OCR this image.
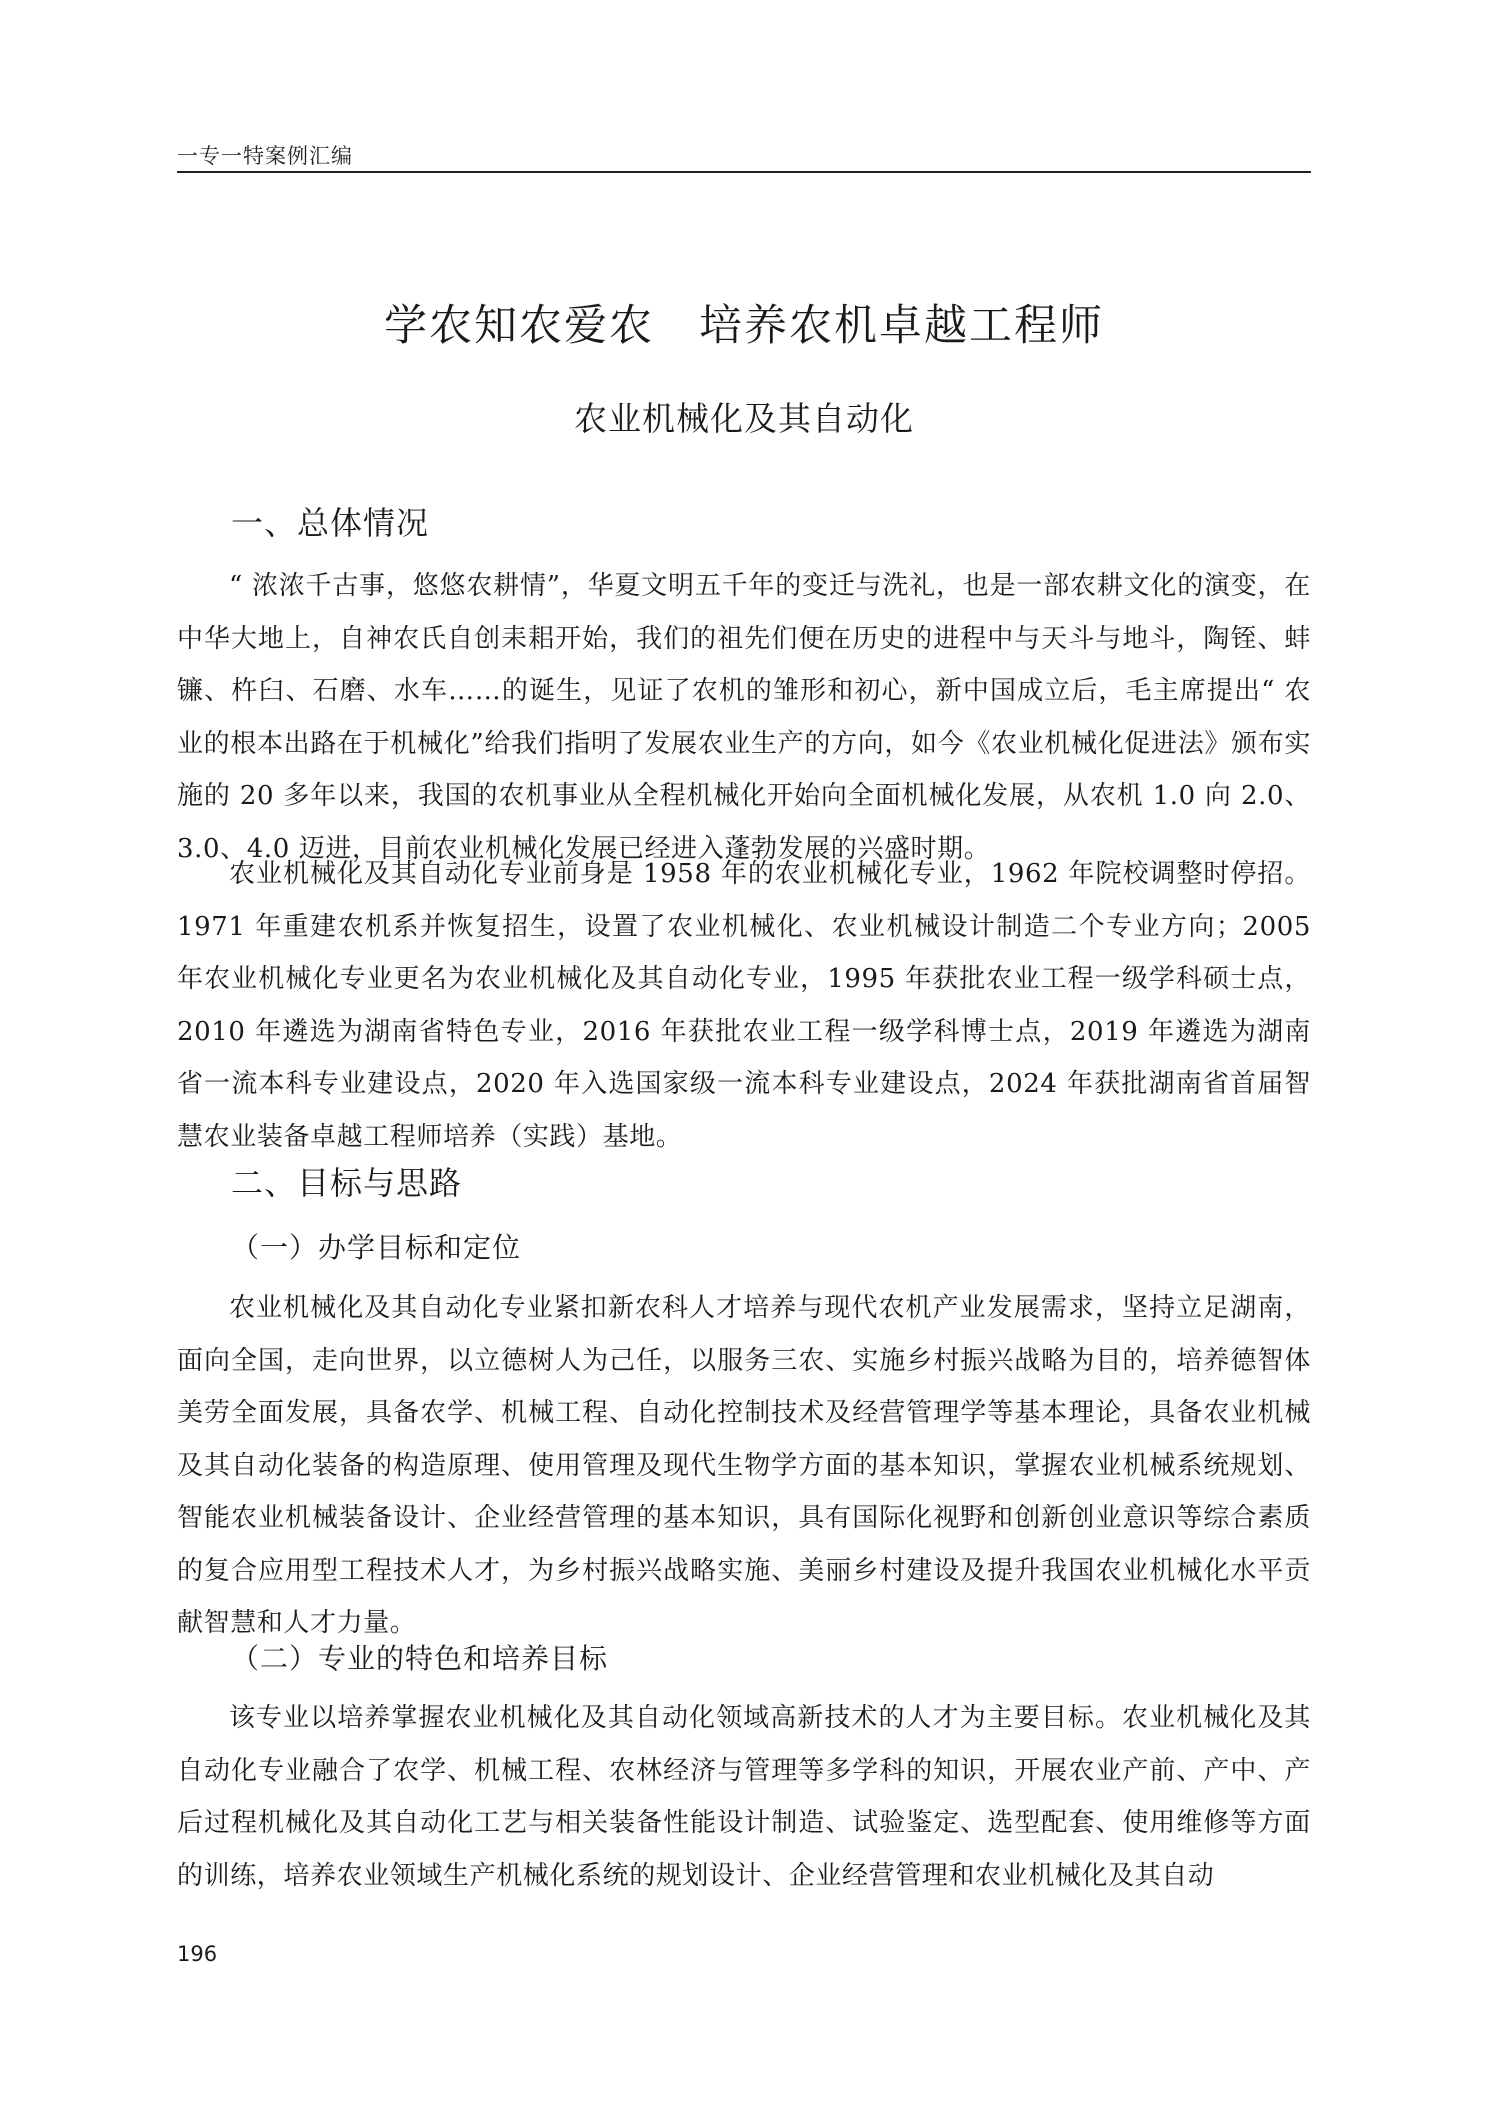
一专一特案例汇编
学农知农爱农　培养农机卓越工程师
农业机械化及其自动化
一、总体情况

“ 浓浓千古事，悠悠农耕情”，华夏文明五千年的变迁与洗礼，也是一部农耕文化的演变，在中华大地上，自神农氏自创耒耜开始，我们的祖先们便在历史的进程中与天斗与地斗，陶铚、蚌镰、杵臼、石磨、水车……的诞生，见证了农机的雏形和初心，新中国成立后，毛主席提出“ 农业的根本出路在于机械化”给我们指明了发展农业生产的方向，如今《农业机械化促进法》颁布实施的 20 多年以来，我国的农机事业从全程机械化开始向全面机械化发展，从农机 1.0 向 2.0、3.0、4.0 迈进，目前农业机械化发展已经进入蓬勃发展的兴盛时期。

农业机械化及其自动化专业前身是 1958 年的农业机械化专业，1962 年院校调整时停招。1971 年重建农机系并恢复招生，设置了农业机械化、农业机械设计制造二个专业方向；2005 年农业机械化专业更名为农业机械化及其自动化专业，1995 年获批农业工程一级学科硕士点，2010 年遴选为湖南省特色专业，2016 年获批农业工程一级学科博士点，2019 年遴选为湖南省一流本科专业建设点，2020 年入选国家级一流本科专业建设点，2024 年获批湖南省首届智慧农业装备卓越工程师培养（实践）基地。

二、目标与思路
（一）办学目标和定位

农业机械化及其自动化专业紧扣新农科人才培养与现代农机产业发展需求，坚持立足湖南，面向全国，走向世界，以立德树人为己任，以服务三农、实施乡村振兴战略为目的，培养德智体美劳全面发展，具备农学、机械工程、自动化控制技术及经营管理学等基本理论，具备农业机械及其自动化装备的构造原理、使用管理及现代生物学方面的基本知识，掌握农业机械系统规划、智能农业机械装备设计、企业经营管理的基本知识，具有国际化视野和创新创业意识等综合素质的复合应用型工程技术人才，为乡村振兴战略实施、美丽乡村建设及提升我国农业机械化水平贡献智慧和人才力量。

（二）专业的特色和培养目标

该专业以培养掌握农业机械化及其自动化领域高新技术的人才为主要目标。农业机械化及其自动化专业融合了农学、机械工程、农林经济与管理等多学科的知识，开展农业产前、产中、产后过程机械化及其自动化工艺与相关装备性能设计制造、试验鉴定、选型配套、使用维修等方面的训练，培养农业领域生产机械化系统的规划设计、企业经营管理和农业机械化及其自动

196
